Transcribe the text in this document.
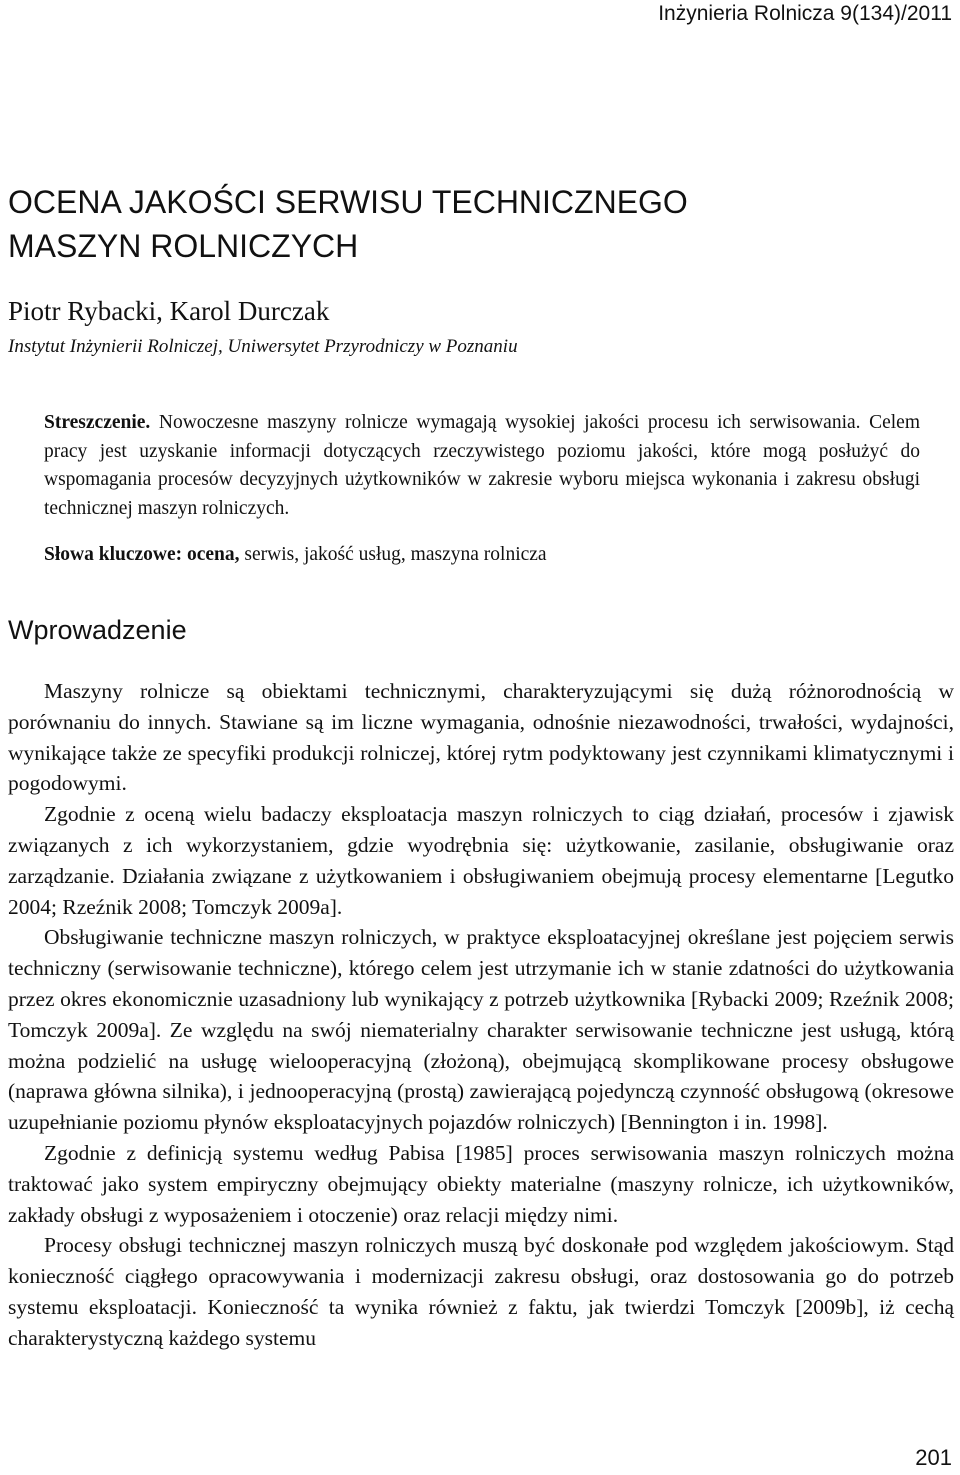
Inżynieria Rolnicza 9(134)/2011
OCENA JAKOŚCI SERWISU TECHNICZNEGO
MASZYN ROLNICZYCH
Piotr Rybacki, Karol Durczak
Instytut Inżynierii Rolniczej, Uniwersytet Przyrodniczy w Poznaniu

Streszczenie. Nowoczesne maszyny rolnicze wymagają wysokiej jakości procesu ich serwisowania. Celem pracy jest uzyskanie informacji dotyczących rzeczywistego poziomu jakości, które mogą posłużyć do wspomagania procesów decyzyjnych użytkowników w zakresie wyboru miejsca wykonania i zakresu obsługi technicznej maszyn rolniczych.

Słowa kluczowe: ocena, serwis, jakość usług, maszyna rolnicza

Wprowadzenie

Maszyny rolnicze są obiektami technicznymi, charakteryzującymi się dużą różnorodnością w porównaniu do innych. Stawiane są im liczne wymagania, odnośnie niezawodności, trwałości, wydajności, wynikające także ze specyfiki produkcji rolniczej, której rytm podyktowany jest czynnikami klimatycznymi i pogodowymi.

Zgodnie z oceną wielu badaczy eksploatacja maszyn rolniczych to ciąg działań, procesów i zjawisk związanych z ich wykorzystaniem, gdzie wyodrębnia się: użytkowanie, zasilanie, obsługiwanie oraz zarządzanie. Działania związane z użytkowaniem i obsługiwaniem obejmują procesy elementarne [Legutko 2004; Rzeźnik 2008; Tomczyk 2009a].

Obsługiwanie techniczne maszyn rolniczych, w praktyce eksploatacyjnej określane jest pojęciem serwis techniczny (serwisowanie techniczne), którego celem jest utrzymanie ich w stanie zdatności do użytkowania przez okres ekonomicznie uzasadniony lub wynikający z potrzeb użytkownika [Rybacki 2009; Rzeźnik 2008; Tomczyk 2009a]. Ze względu na swój niematerialny charakter serwisowanie techniczne jest usługą, którą można podzielić na usługę wielooperacyjną (złożoną), obejmującą skomplikowane procesy obsługowe (naprawa główna silnika), i jednooperacyjną (prostą) zawierającą pojedynczą czynność obsługową (okresowe uzupełnianie poziomu płynów eksploatacyjnych pojazdów rolniczych) [Bennington i in. 1998].

Zgodnie z definicją systemu według Pabisa [1985] proces serwisowania maszyn rolniczych można traktować jako system empiryczny obejmujący obiekty materialne (maszyny rolnicze, ich użytkowników, zakłady obsługi z wyposażeniem i otoczenie) oraz relacji między nimi.

Procesy obsługi technicznej maszyn rolniczych muszą być doskonałe pod względem jakościowym. Stąd konieczność ciągłego opracowywania i modernizacji zakresu obsługi, oraz dostosowania go do potrzeb systemu eksploatacji. Konieczność ta wynika również z faktu, jak twierdzi Tomczyk [2009b], iż cechą charakterystyczną każdego systemu

201
